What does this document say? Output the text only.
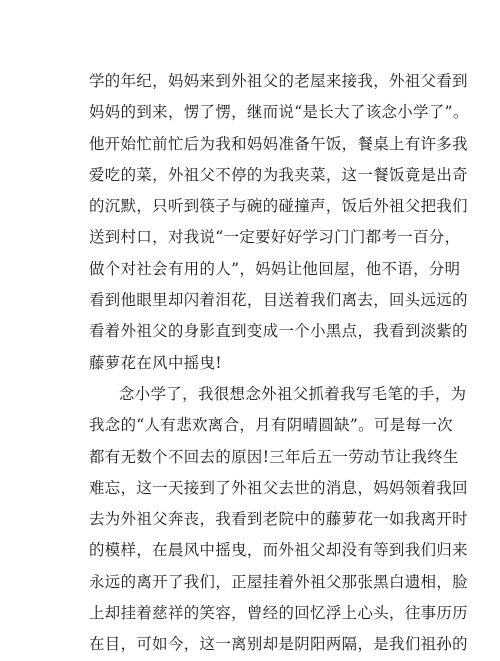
学的年纪，妈妈来到外祖父的老屋来接我，外祖父看到
妈妈的到来，愣了愣，继而说“是长大了该念小学了”。
他开始忙前忙后为我和妈妈准备午饭，餐桌上有许多我
爱吃的菜，外祖父不停的为我夹菜，这一餐饭竟是出奇
的沉默，只听到筷子与碗的碰撞声，饭后外祖父把我们
送到村口，对我说“一定要好好学习门门都考一百分，
做个对社会有用的人”，妈妈让他回屋，他不语，分明
看到他眼里却闪着泪花，目送着我们离去，回头远远的
看着外祖父的身影直到变成一个小黑点，我看到淡紫的
藤萝花在风中摇曳!
念小学了，我很想念外祖父抓着我写毛笔的手，为
我念的“人有悲欢离合，月有阴晴圆缺”。可是每一次
都有无数个不回去的原因!三年后五一劳动节让我终生
难忘，这一天接到了外祖父去世的消息，妈妈领着我回
去为外祖父奔丧，我看到老院中的藤萝花一如我离开时
的模样，在晨风中摇曳，而外祖父却没有等到我们归来
永远的离开了我们，正屋挂着外祖父那张黑白遗相，脸
上却挂着慈祥的笑容，曾经的回忆浮上心头，往事历历
在目，可如今，这一离别却是阴阳两隔，是我们祖孙的
